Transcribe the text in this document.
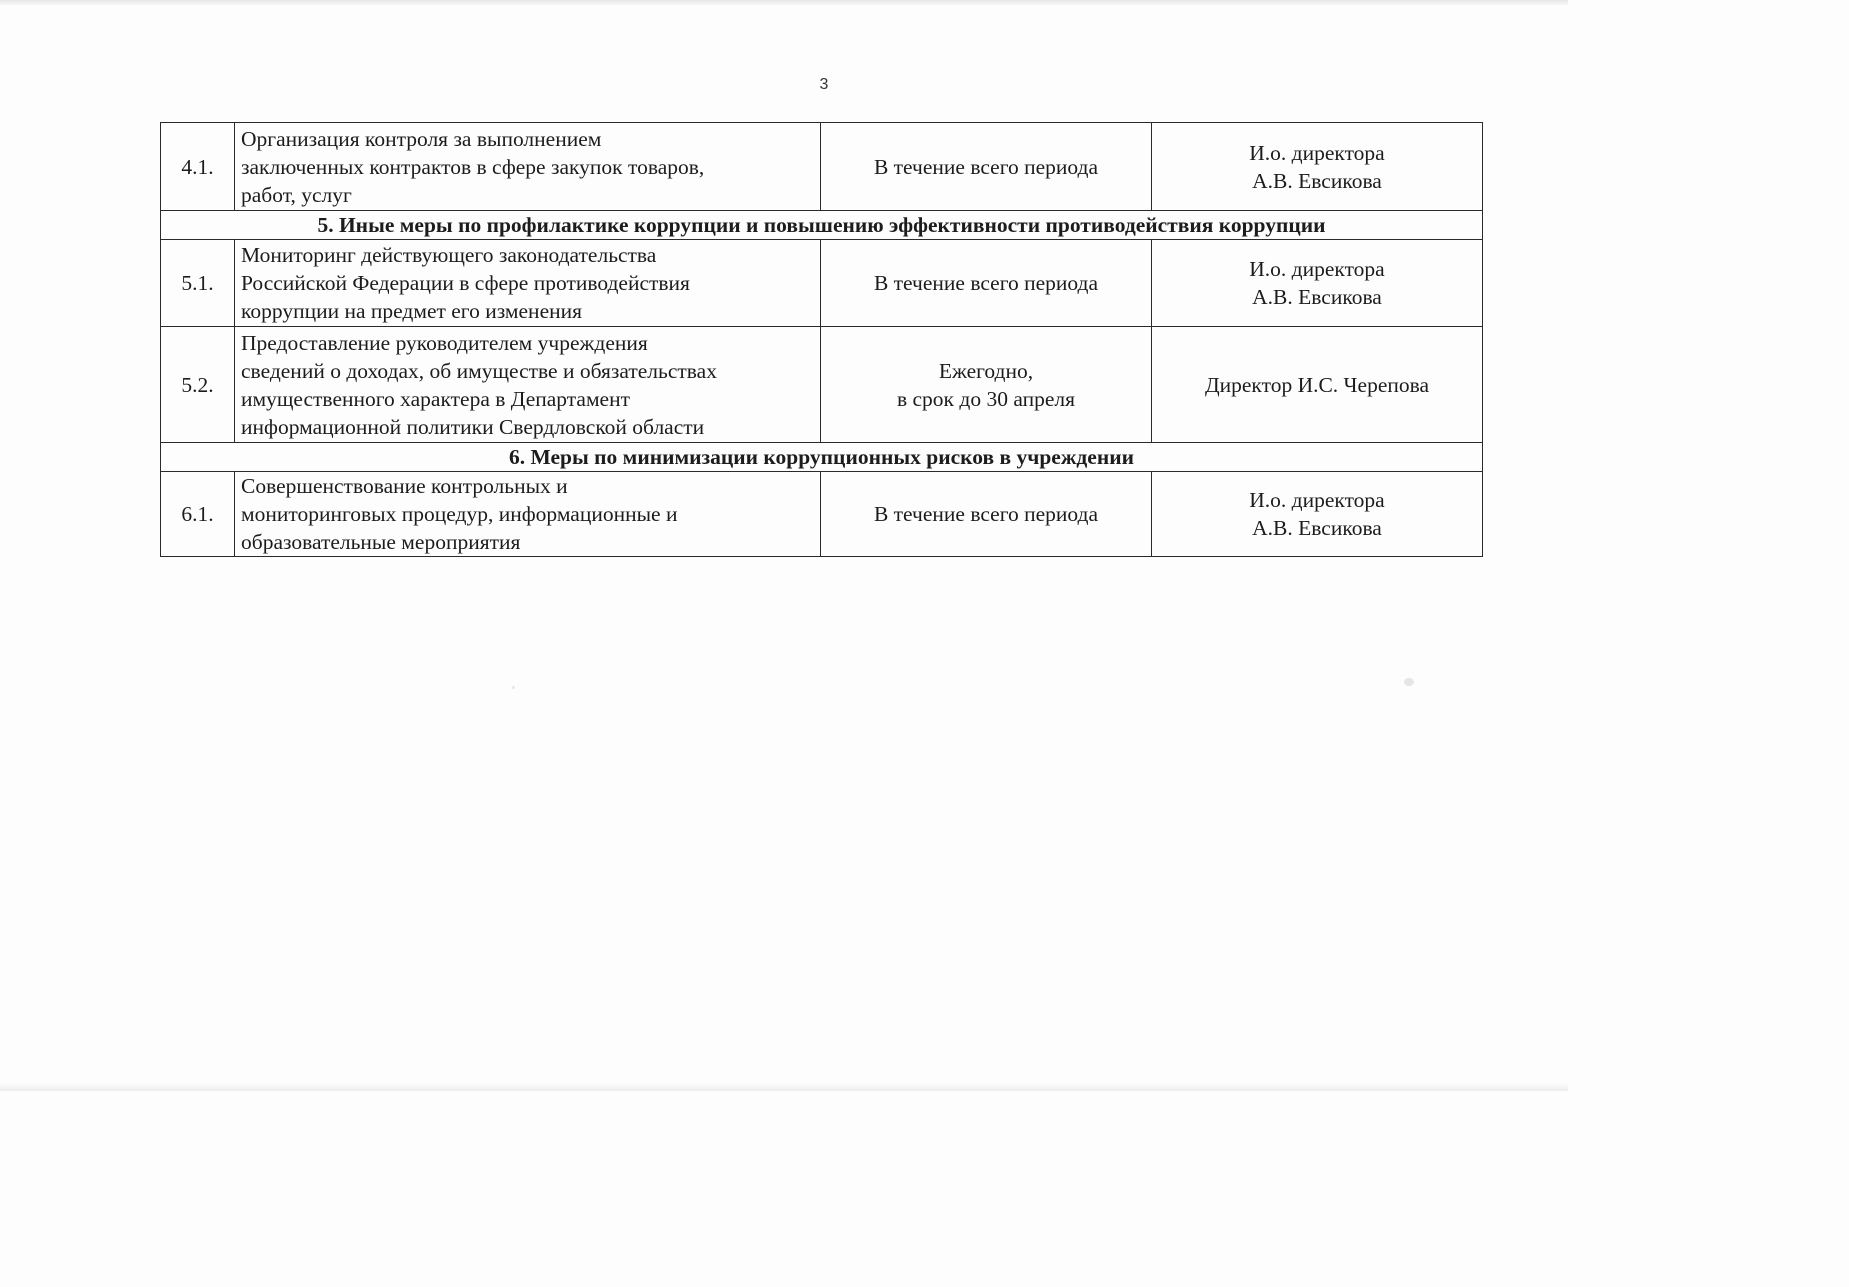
3
4.1.	Организация контроля за выполнением
заключенных контрактов в сфере закупок товаров,
работ, услуг	В течение всего периода	И.о. директора
А.В. Евсикова

5. Иные меры по профилактике коррупции и повышению эффективности противодействия коррупции			
5.1.	Мониторинг действующего законодательства
Российской Федерации в сфере противодействия
коррупции на предмет его изменения	В течение всего периода	И.о. директора
А.В. Евсикова

5.2.	Предоставление руководителем учреждения
сведений о доходах, об имуществе и обязательствах
имущественного характера в Департамент
информационной политики Свердловской области	Ежегодно,
в срок до 30 апреля	Директор И.С. Черепова

6. Меры по минимизации коррупционных рисков в учреждении			
6.1.	Совершенствование контрольных и
мониторинговых процедур, информационные и
образовательные мероприятия	В течение всего периода	И.о. директора
А.В. Евсикова
